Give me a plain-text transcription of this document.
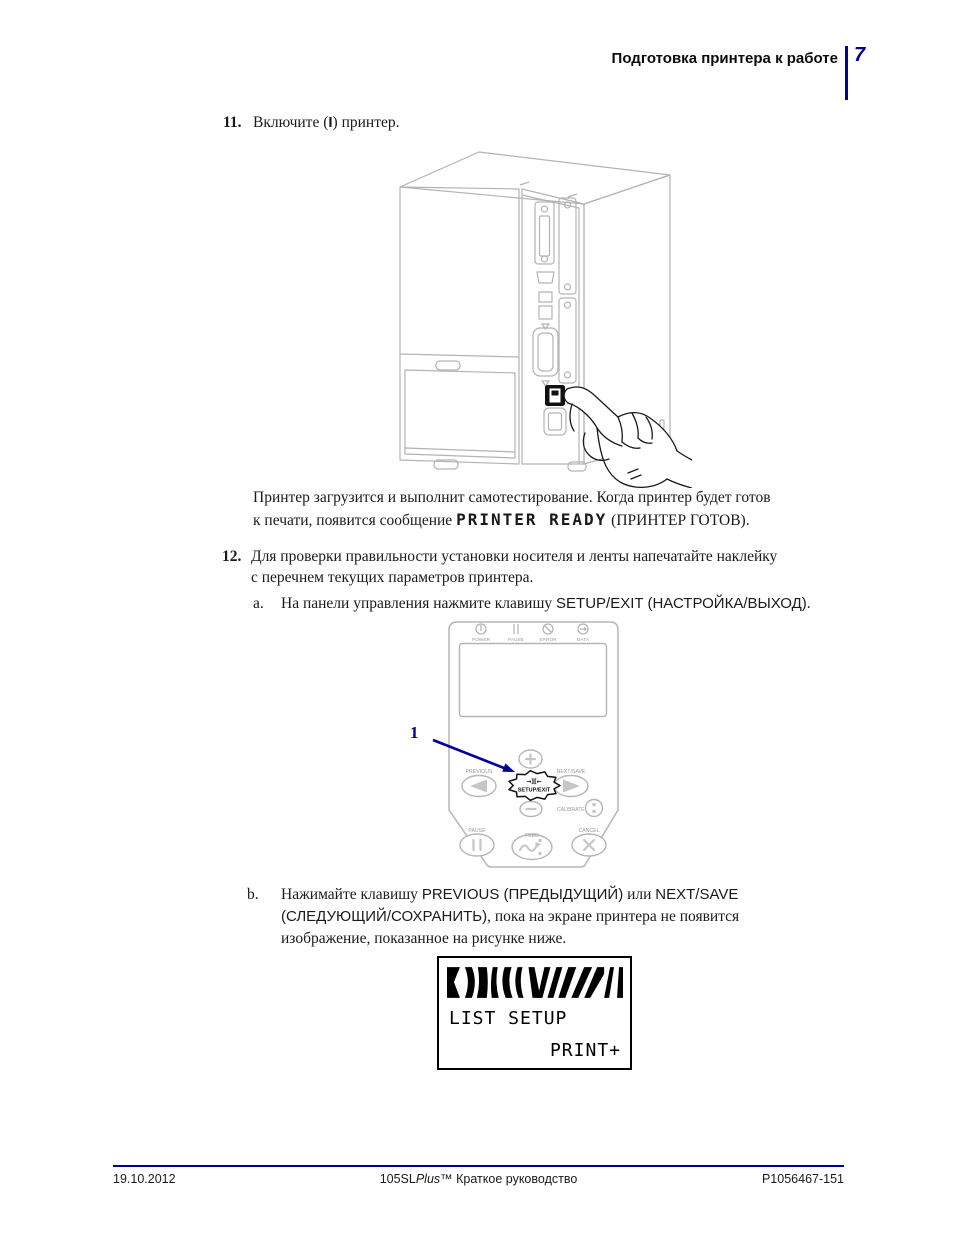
Подготовка принтера к работе 7
11. Включите (I) принтер.
Принтер загрузится и выполнит самотестирование. Когда принтер будет готов
к печати, появится сообщение PRINTER READY (ПРИНТЕР ГОТОВ).
12. Для проверки правильности установки носителя и ленты напечатайте наклейку
с перечнем текущих параметров принтера.
a. На панели управления нажмите клавишу SETUP/EXIT (НАСТРОЙКА/ВЫХОД).
POWER	PAUSE	ERROR	DATA
→][←
SETUP/EXIT
PREVIOUS	NEXT/SAVE
PAUSE
FEED
CANCEL
CALIBRATE
1
b. Нажимайте клавишу PREVIOUS (ПРЕДЫДУЩИЙ) или NEXT/SAVE
(СЛЕДУЮЩИЙ/СОХРАНИТЬ), пока на экране принтера не появится
изображение, показанное на рисунке ниже.
LIST SETUP
PRINT+
19.10.2012	105SLPlus™ Краткое руководство	P1056467-151
